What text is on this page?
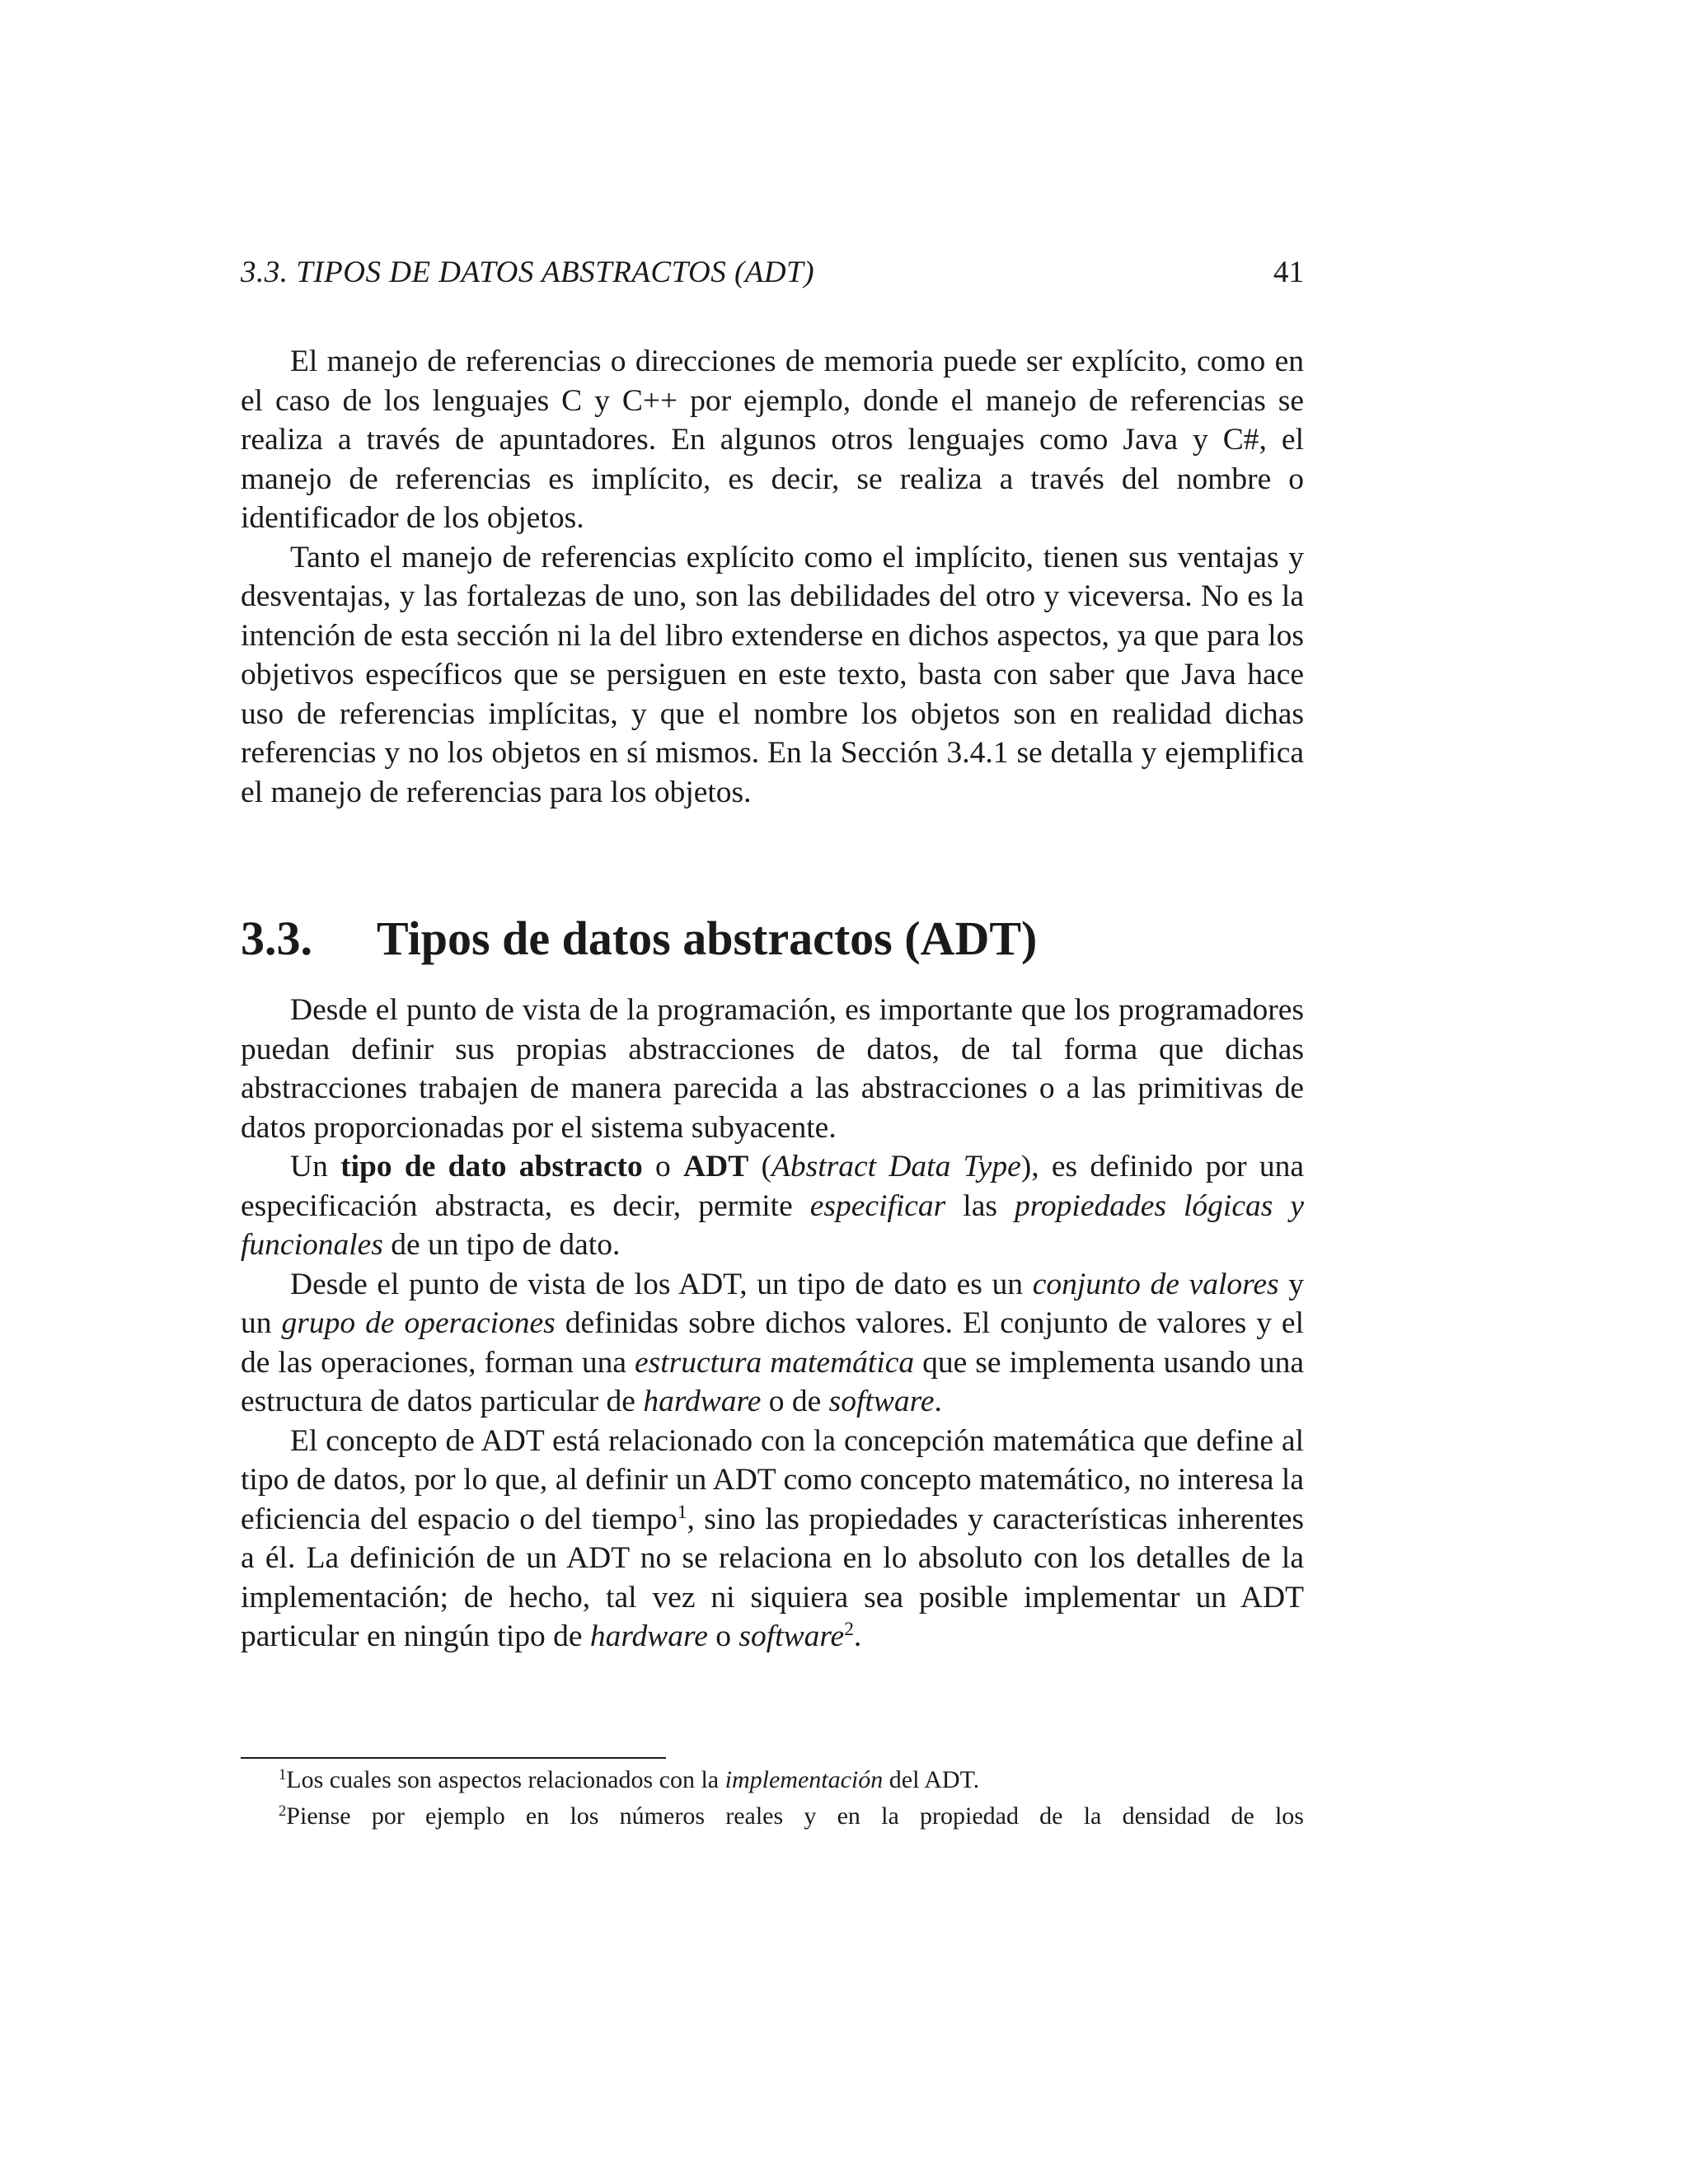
3.3. TIPOS DE DATOS ABSTRACTOS (ADT)	41

El manejo de referencias o direcciones de memoria puede ser explícito, como en el caso de los lenguajes C y C++ por ejemplo, donde el manejo de referencias se realiza a través de apuntadores. En algunos otros lenguajes como Java y C#, el manejo de referencias es implícito, es decir, se realiza a través del nombre o identificador de los objetos.

Tanto el manejo de referencias explícito como el implícito, tienen sus ventajas y desventajas, y las fortalezas de uno, son las debilidades del otro y viceversa. No es la intención de esta sección ni la del libro extenderse en dichos aspectos, ya que para los objetivos específicos que se persiguen en este texto, basta con saber que Java hace uso de referencias implícitas, y que el nombre los objetos son en realidad dichas referencias y no los objetos en sí mismos. En la Sección 3.4.1 se detalla y ejemplifica el manejo de referencias para los objetos.

3.3. Tipos de datos abstractos (ADT)

Desde el punto de vista de la programación, es importante que los programadores puedan definir sus propias abstracciones de datos, de tal forma que dichas abstracciones trabajen de manera parecida a las abstracciones o a las primitivas de datos proporcionadas por el sistema subyacente.

Un tipo de dato abstracto o ADT (Abstract Data Type), es definido por una especificación abstracta, es decir, permite especificar las propiedades lógicas y funcionales de un tipo de dato.

Desde el punto de vista de los ADT, un tipo de dato es un conjunto de valores y un grupo de operaciones definidas sobre dichos valores. El conjunto de valores y el de las operaciones, forman una estructura matemática que se implementa usando una estructura de datos particular de hardware o de software.

El concepto de ADT está relacionado con la concepción matemática que define al tipo de datos, por lo que, al definir un ADT como concepto matemático, no interesa la eficiencia del espacio o del tiempo$^1$, sino las propiedades y características inherentes a él. La definición de un ADT no se relaciona en lo absoluto con los detalles de la implementación; de hecho, tal vez ni siquiera sea posible implementar un ADT particular en ningún tipo de hardware o software$^2$.

$^1$Los cuales son aspectos relacionados con la implementación del ADT.

$^2$Piense por ejemplo en los números reales y en la propiedad de la densidad de los
